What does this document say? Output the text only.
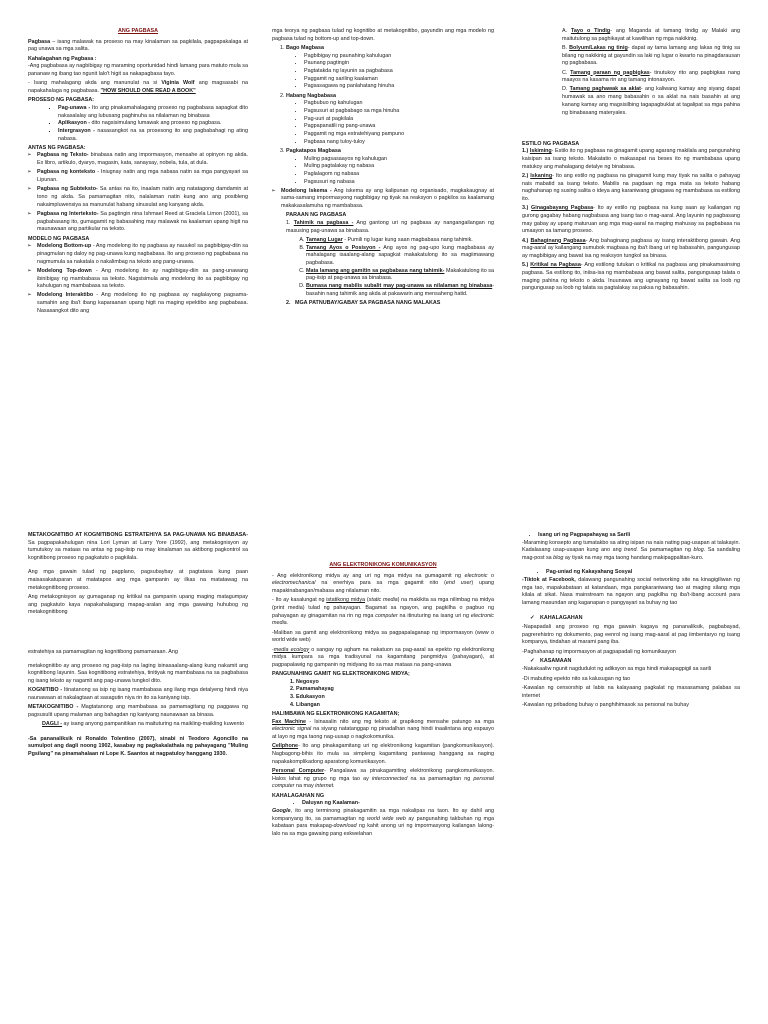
ANG PAGBASA

Pagbasa – isang malawak na proseso na may kinalaman sa pagkilala, pagpapakalaga at pag unawa sa mga salita.

Kahalagahan ng Pagbasa :

-Ang pagbabasa ay nagbibigay ng maraming oportunidad hindi lamang para matuto mula sa pananaw ng ibang tao ngunit lalo't higit sa nakapagbasa tayo.

- Isang mahalagang akda ang manunulat na si Viginia Wolf ang magsasabi na napakahalaga ng pagbabasa. "HOW SHOULD ONE READ A BOOK"

PROSESO NG PAGBASA:

▪ Pag-unawa - Ito ang pinakamahalagang proseso ng pagbabasa sapagkat dito nakasalalay ang lubusang paghinuha sa nilalaman ng binabasa
▪ Aplikasyon - dito nagsisimulang lumawak ang proseso ng pagbasa.
▪ Intergrasyon - nasasangkot na sa prosesong ito ang pagbabahagi ng ating nabasa.

ANTAS NG PAGBASA:

➢ Pagbasa ng Teksto- binabasa natin ang impormasyon, mensahe at opinyon ng akda. Ex libro, artikulo, dyaryo, magasin, kata, sanaysay, nobela, tula, at dula.

➢ Pagbasa ng konteksto - Iniugnay natin ang mga nabasa natin sa mga pangyayari sa Lipunan.

➢ Pagbasa ng Subteksto- Sa antas na ito, inaalam natin ang natatagong damdamin at tono ng akda. Sa pamamagitan nito, nalalaman natin kung ano ang posibleng nakaimpluwensiya sa manunulat habang sinusulat ang kanyang akda.

➢ Pagbasa ng Interteksto- Sa pagtingin nina Ishmael Reed at Graciela Limon (2001), sa pagbabasang ito, gumagamit ng babasahing may malawak na kaalaman upang higit na maunawaan ang partikular na teksto.

MODELO NG PAGBASA

➢ Modelong Bottom-up - Ang modelong ito ng pagbasa ay nauukol sa pagbibigay-diin sa pinagmulan ng daloy ng pag-unawa kung nagbabasa. Ito ang proseso ng pagbabasa na nagmumula sa nakatala o nakalimbag na teksto ang pang-unawa.

➢ Modelong Top-down - Ang modelong ito ay nagbibigay-diin sa pang-unawang ibinibigay ng mambabasa sa teksto. Nagsisimula ang modelong ito sa pagbibigay ng kahulugan ng mambabasa sa teksto.

➢ Modelong Interaktibo - Ang modelong ito ng pagbasa ay naglalayong pagsama-samahin ang iba't ibang kaparaanan upang higit na maging epektibo ang pagbabasa. Nasasangkot dito ang

mga teorya ng pagbasa tulad ng kognitibo at metakognitibo, gayundin ang mga modelo ng pagbasa tulad ng bottom-up and top-down.

1. Bago Magbasa
• Pagbibigay ng paunahing kahulugan
• Paunang pagtingin
• Pagtatakda ng layunin sa pagbabasa
• Paggamit ng sariling kaalaman
• Pagsasagawa ng panlahatang hinuha
2. Habang Nagbabasa
• Pagbubuo ng kahulugan
• Pagsusuri at pagbabago sa mga hinuha
• Pag-uuri at pagkilala
• Pagpapanatili ng pang-unawa
• Paggamit ng mga estratehiyang pampuno
• Pagbasa nang tuloy-tuloy
3. Pagkatapos Magbasa
• Muling pagsasaayos ng kahulugan
• Muling pagtalakay ng nabasa
• Paglalagom ng nabasa
• Pagsusuri ng nabasa

➢ Modelong Iskema - Ang iskema ay ang kalipunan ng organisado, magkakaugnay at sama-samang impormasyong nagbibigay ng tiyak na reaksyon o pagkilos sa kaalamang makakasalamuha ng mambabasa.

PARAAN NG PAGBASA

1. Tahimik na pagbasa - Ang gantong uri ng pagbasa ay nangangailangan ng masusing pag-unawa sa binabasa.

A. Tamang Lugar - Pumili ng lugar kung saan magbabasa nang tahimik.
B. Tamang Ayos o Posisyon - Ang ayos ng pag-upo kung magbabasa ay mahalagang isaalang-alang sapagkat makakatulong ito sa magiimawang pagbabasa.
C. Mata lamang ang gamitin sa pagbabasa nang tahimik- Makakatulong ito sa pag-iisip at pag-unawa sa binabasa.
D. Bumasa nang mabilis subalit may pag-unawa sa nilalaman ng binabasa- basahin nang tahimik ang akda at pakawarin ang mensaheng hatid.

2.   MGA PATNUBAY/GABAY SA PAGBASA NANG MALAKAS

A. Tayo o Tindig- ang Maganda at tamang tindig ay Malaki ang maitutulong sa paghikayat at kawilihan ng mga nakikinig.

B. Bolyum/Lakas ng tinig- dapat ay tama lamang ang lakas ng tinig sa bilang ng nakikinig at gayundin sa laki ng lugar o kwarto na pinagdarausan ng pagbabasa.

C. Tamang paraan ng pagbigkas- tinutukoy rito ang pagbigkas nang maayos na kasama rin ang tamang intonasyon.

D. Tamang paghawak sa aklat- ang kaliwang kamay ang siyang dapat humawak sa ano mang babasahin o sa aklat na nais basahin at ang kanang kamay ang magsisilbing tagapagbuklat at tagalipat sa mga pahina ng binabasang materyales.

ESTILO NG PAGBASA

1.) Iskiming- Estilo ito ng pagbasa na ginagamit upang agarang makilala ang pangunahing kaisipan sa isang teksto. Makatatio o makasapat na beses ito ng mambabasa upang matukoy ang mahalagang detalye ng binabasa.

2.) Iskaning- Ito ang estilo ng pagbasa na ginagamit kung may tiyak na salita o pahayag nais mabatid sa isang teksto. Mabilis na pagdaan ng mga mata sa teksto habang naghahanap ng susing salita o ideya ang karaniwang ginagawa ng mambabasa sa estilong ito.

3.) Ginagabayang Pagbasa- Ito ay estilo ng pagbasa na kung saan ay kailangan ng gurong gagabay habang nagbabasa ang isang tao o mag-aaral. Ang layunin ng pagbasang may gabay ay upang maturuan ang mga mag-aaral na maging mahusay sa pagbabasa na umaayon sa tamang proseso.

4.) Bahaginang Pagbasa- Ang bahaginang pagbasa ay isang interaktibong gawain. Ang mag-aaral ay kailangang sumubok magbasa ng iba't ibang uri ng babasahin, pangungusap ay magbibigay ang bawat isa ng reaksyon tungkol sa binasa.

5.) Kritikal na Pagbasa- Ang estilong tutukan o kritikal na pagbasa ang pinakamasinsing pagbasa. Sa estilong ito, iniisa-isa ng mambabasa ang bawat salita, pangungusap talata o maging pahina ng teksto o akda. Inuunawa ang ugnayang ng bawat salita sa loob ng pangungusap sa loob ng talata sa pagtalakay sa paksa ng babasahin.

METAKOGNITIBO AT KOGNITIBONG ESTRATEHIYA SA PAG-UNAWA NG BINABASA- Sa pagpapakahulugan nina Lori Lyman at Larry Yore (1992), ang metakognisyon ay tumutukoy sa mataas na antas ng pag-iisip na may kinalaman sa aktibong pagkontrol sa kognitibong proseso ng pagkatuto o pagkilala.

Ang mga gawain tulad ng pagplano, pagsubaybay at pagtatasa kung paan maisasakatuparan at matatapos ang mga gampanin ay ilkas na matatawag na metakognitibong proseso.

Ang metakognisyon ay gumaganap ng kritikal na gampanin upang maging matagumpay ang pagkatuto kaya napakahalagang mapag-aralan ang mga gawaing huhubog ng metakognitibong

estratehiya sa pamamagitan ng kognitibong pamamaraan. Ang

metakognitibo ay ang proseso ng pag-iisip na laging isinasaalang-alang kung nakamit ang kognitibong layunin. Saa kognitibong estratehiya, tinitiyak ng mambabasa na sa pagbabasa ng isang teksto ay nagamit ang pag-unawa tungkol dito.

KOGNITIBO - Itinatanong sa isip ng isang mambabasa ang ilang mga detalyeng hindi niya naunawaan at nakalagtaan at sasagutin niya rin ito sa kaniyang isip.

METAKOGNITIBO - Magtatanong ang mambabasa sa pamamagitang ng paggawa ng pagsusulit upang malaman ang bahagdan ng kaniyang naunawaan sa binasa.

DAGLI - ay isang anyong pampanitikan na maituturing na maikling-maikling kuwento

-Sa pananaliksik ni Ronaldo Tolentino (2007), sinabi ni Teodoro Agoncillo na sumulpot ang dagli noong 1902, kasabay ng pagkakalathala ng pahayagang "Muling Pgsilang" na pinamahalaan ni Lope K. Saantos at nagpatuloy hanggang 1930.

ANG ELEKTRONIKONG KOMUNIKASYON

- Ang elektronikong midya ay ang uri ng mga midya na gumagamit ng electronic o electromechanical na enerhiya para sa mga gagamit nito (end user) upang mapakinabangan/mabasa ang nilalaman nito.

- Ito ay kasalungat ng istatikong midya (static media) na makikita sa mga nilimbag na midya (print media) tulad ng pahayagan. Bagamat sa ngayon, ang pagkilha o pagbuo ng pahayagan ay ginagamitan na rin ng mga computer na itinuturing na isang uri ng electronic media.

-Maliban sa gamit ang elektronikong midya sa pagpapalaganap ng impormasyon (www o world wide web)

-media ecology o sangay ng agham na nakatuon sa pag-aaral sa epekto ng elektronikong midya kumpara sa mga tradisyunal na kagamitang pangmidya (pahayagan), at pagpapalawig ng gampanin ng midyang ito sa mas mataas na pang-unawa

PANGUNAHING GAMIT NG ELEKTRONIKONG MIDYA;

1. Negosyo
2. Pamamahayag
3. Edukasyon
4. Libangan

HALIMBAWA NG ELEKTRONIKONG KAGAMITAN;

Fax Machine - Isinasalin nito ang mg teksto at grapikong mensahe patungo sa mga electronic signal na siyang natatanggap ng pinadalhan nang hindi inaalintana ang espasyo at layo ng mga taong nag-uusap o nagkokomunika.

Cellphone- Ito ang pinakagamitang uri ng elektronikong kagamitan (pangkomunikasyon). Nagbagong-bihis ito mula sa simpleng kagamitang pantawag hanggang sa naging napakakomplikadong aparatong komunikasyon.

Personal Computer- Pangalawa sa pinakagamiting elektronikong pangkomunikasyon. Halos lahat ng grupo ng mga tao ay interconnected na sa pamamagitan ng personal computer na may internet.

KAHALAGAHAN NG

• Daluyan ng Kaalaman-

Google, ito ang terminong pinakagamitin sa mga nakalipas na taon. Ito ay dahil ang kompanyang ito, sa pamamagitan ng world wide web ay pangunahing takbuhan ng mga kabataan para makapag-download ng kahit anong uri ng impormasyong kailangan lalong-lalo na sa mga gawaing pang eskwelahan

• Isang uri ng Pagpapahayag sa Sarili

-Maraming konsepto ang tumatakbo sa ating isipan na nais nating pag-usapan at talakayin. Kadalasang usap-usapan kung ano ang trend. Sa pamamagitan ng blog. Sa sandaling mag-post sa blog ay tiyak na may mga taong handang makipagpalitan-kuro.

• Pag-uniad ng Kakayahang Sosyal

-Tiktok at Facebook, dalawang pangunahing social networking site na kinagigiliwan ng mga tao, mapakabataan at katandaan, mga pangkaraniwang tao at maging silang mga kilala at sikat. Nasa mainstream na ngayon ang pagkilha ng iba't-ibang account para lamang masundan ang kaganapan o pangyayari sa buhay ng tao

✓ KAHALAGAHAN

-Napapadali ang proseso ng mga gawain kagaya ng pananaliksik, pagbabayad, pagrerehistro ng dokumento, pag eenrol ng isang mag-aaral at pag iimbentaryo ng isang kompanya, tindahan at marami pang iba.

-Paghahanap ng impormasyon at pagpapadali ng komunikasyon

✓ KASAMAAN

-Nakakaaliw ngunit nagdudulot ng adiksyon sa mga hindi makapagpigil sa sarili

-Di mabuting epekto nito sa kalusugan ng tao

-Kawalan ng censorship at labis na kalayaang pagkalat ng masasamang palabas sa internet

-Kawalan ng pribadong buhay o panghihimasok sa personal na buhay
